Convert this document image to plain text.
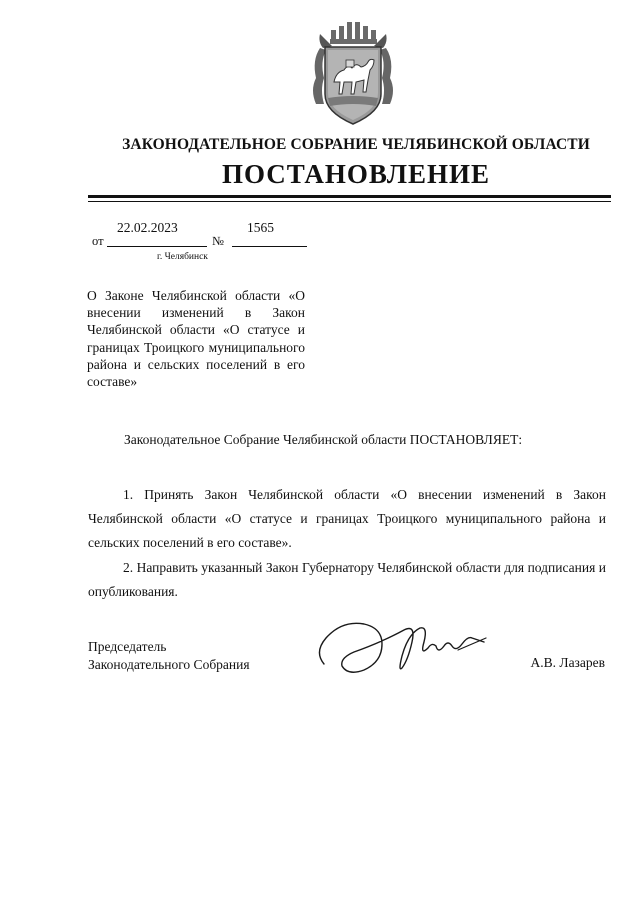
ЗАКОНОДАТЕЛЬНОЕ СОБРАНИЕ ЧЕЛЯБИНСКОЙ ОБЛАСТИ
ПОСТАНОВЛЕНИЕ
от
22.02.2023
№
1565
г. Челябинск
О Законе Челябинской области «О внесении изменений в Закон Челябинской области «О статусе и границах Троицкого муниципального района и сельских поселений в его составе»
Законодательное Собрание Челябинской области ПОСТАНОВЛЯЕТ:

1. Принять Закон Челябинской области «О внесении изменений в Закон Челябинской области «О статусе и границах Троицкого муниципального района и сельских поселений в его составе».

2. Направить указанный Закон Губернатору Челябинской области для подписания и опубликования.

Председатель
Законодательного Собрания	А.В. Лазарев
